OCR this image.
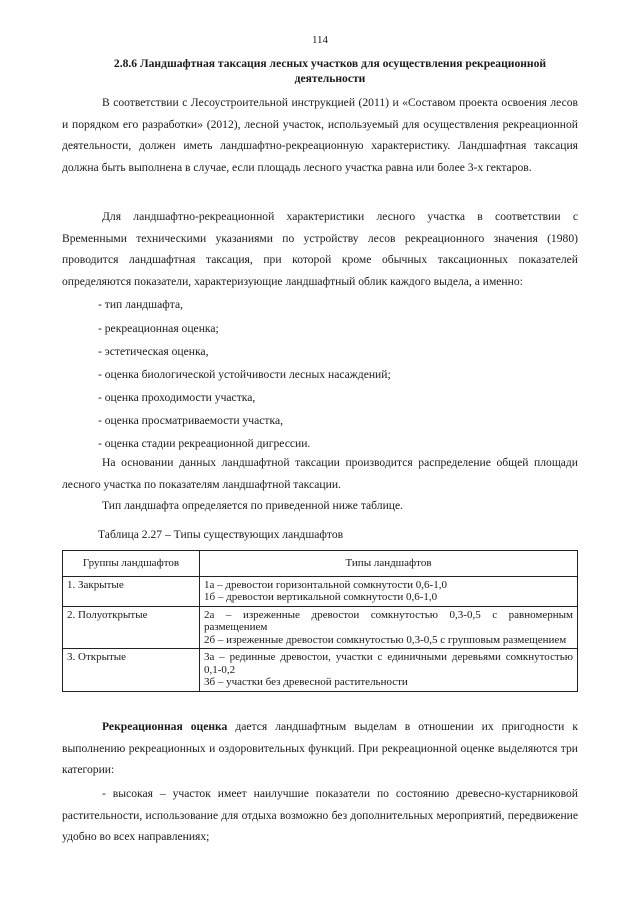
114
2.8.6 Ландшафтная таксация лесных участков для осуществления рекреационной деятельности
В соответствии с Лесоустроительной инструкцией (2011) и «Составом проекта освоения лесов и порядком его разработки» (2012), лесной участок, используемый для осуществления рекреационной деятельности, должен иметь ландшафтно-рекреационную характеристику. Ландшафтная таксация должна быть выполнена в случае, если площадь лесного участка равна или более 3-х гектаров.
Для ландшафтно-рекреационной характеристики лесного участка в соответствии с Временными техническими указаниями по устройству лесов рекреационного значения (1980) проводится ландшафтная таксация, при которой кроме обычных таксационных показателей определяются показатели, характеризующие ландшафтный облик каждого выдела, а именно:
- тип ландшафта,
- рекреационная оценка;
- эстетическая оценка,
- оценка биологической устойчивости лесных насаждений;
- оценка проходимости участка,
- оценка просматриваемости участка,
- оценка стадии рекреационной дигрессии.
На основании данных ландшафтной таксации производится распределение общей площади лесного участка по показателям ландшафтной таксации.
Тип ландшафта определяется по приведенной ниже таблице.
Таблица 2.27 – Типы существующих ландшафтов
Группы ландшафтов	Типы ландшафтов
1. Закрытые	1а – древостои горизонтальной сомкнутости 0,6-1,0
1б – древостои вертикальной сомкнутости 0,6-1,0

2. Полуоткрытые	2а – изреженные древостои сомкнутостью 0,3-0,5 с равномерным размещением
2б – изреженные древостои сомкнутостью 0,3-0,5 с групповым размещением

3. Открытые	3а – рединные древостои, участки с единичными деревьями сомкнутостью 0,1-0,2
3б – участки без древесной растительности
Рекреационная оценка дается ландшафтным выделам в отношении их пригодности к выполнению рекреационных и оздоровительных функций. При рекреационной оценке выделяются три категории:
- высокая – участок имеет наилучшие показатели по состоянию древесно-кустарниковой растительности, использование для отдыха возможно без дополнительных мероприятий, передвижение удобно во всех направлениях;
